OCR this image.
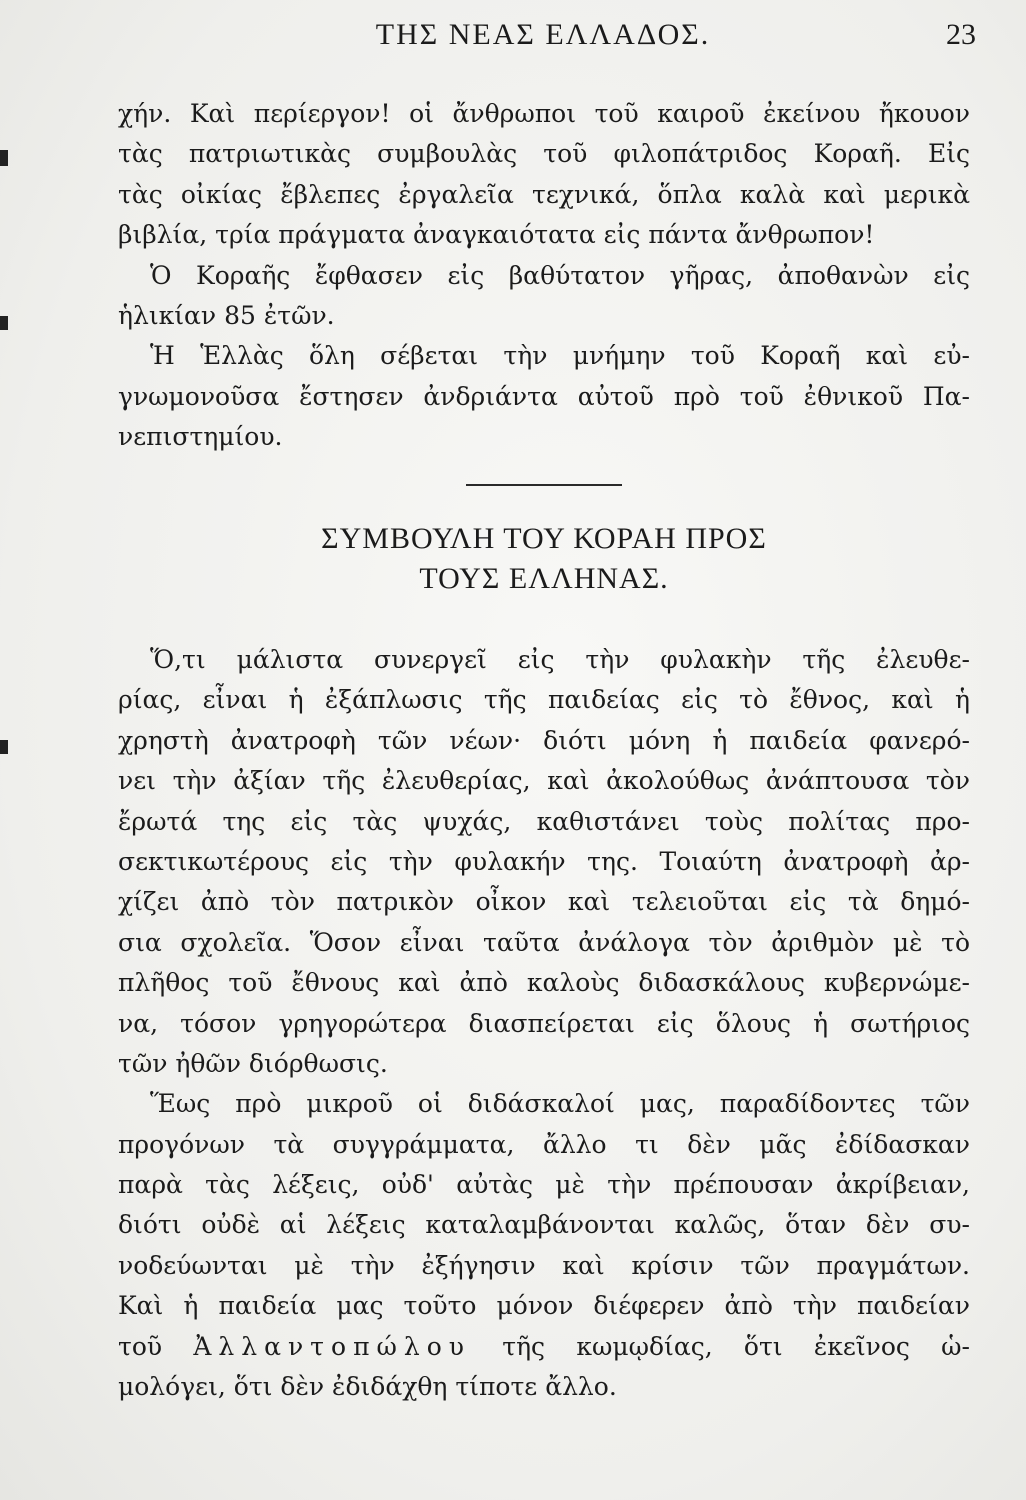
ΤΗΣ ΝΕΑΣ ΕΛΛΑΔΟΣ.	23
χήν. Καὶ περίεργον! οἱ ἄνθρωποι τοῦ καιροῦ ἐκείνου ἤκουον
τὰς πατριωτικὰς συμβουλὰς τοῦ φιλοπάτριδος Κοραῆ. Εἰς
τὰς οἰκίας ἔβλεπες ἐργαλεῖα τεχνικά, ὅπλα καλὰ καὶ μερικὰ
βιβλία, τρία πράγματα ἀναγκαιότατα εἰς πάντα ἄνθρωπον!
Ὁ Κοραῆς ἔφθασεν εἰς βαθύτατον γῆρας, ἀποθανὼν εἰς
ἡλικίαν 85 ἐτῶν.
Ἡ Ἑλλὰς ὅλη σέβεται τὴν μνήμην τοῦ Κοραῆ καὶ εὐ-
γνωμονοῦσα ἔστησεν ἀνδριάντα αὐτοῦ πρὸ τοῦ ἐθνικοῦ Πα-
νεπιστημίου.
ΣΥΜΒΟΥΛΗ ΤΟΥ ΚΟΡΑΗ ΠΡΟΣ
ΤΟΥΣ ΕΛΛΗΝΑΣ.
Ὅ,τι μάλιστα συνεργεῖ εἰς τὴν φυλακὴν τῆς ἐλευθε-
ρίας, εἶναι ἡ ἐξάπλωσις τῆς παιδείας εἰς τὸ ἔθνος, καὶ ἡ
χρηστὴ ἀνατροφὴ τῶν νέων· διότι μόνη ἡ παιδεία φανερό-
νει τὴν ἀξίαν τῆς ἐλευθερίας, καὶ ἀκολούθως ἀνάπτουσα τὸν
ἔρωτά της εἰς τὰς ψυχάς, καθιστάνει τοὺς πολίτας προ-
σεκτικωτέρους εἰς τὴν φυλακήν της. Τοιαύτη ἀνατροφὴ ἀρ-
χίζει ἀπὸ τὸν πατρικὸν οἶκον καὶ τελειοῦται εἰς τὰ δημό-
σια σχολεῖα. Ὅσον εἶναι ταῦτα ἀνάλογα τὸν ἀριθμὸν μὲ τὸ
πλῆθος τοῦ ἔθνους καὶ ἀπὸ καλοὺς διδασκάλους κυβερνώμε-
να, τόσον γρηγορώτερα διασπείρεται εἰς ὅλους ἡ σωτήριος
τῶν ἠθῶν διόρθωσις.
Ἕως πρὸ μικροῦ οἱ διδάσκαλοί μας, παραδίδοντες τῶν
προγόνων τὰ συγγράμματα, ἄλλο τι δὲν μᾶς ἐδίδασκαν
παρὰ τὰς λέξεις, οὐδ' αὐτὰς μὲ τὴν πρέπουσαν ἀκρίβειαν,
διότι οὐδὲ αἱ λέξεις καταλαμβάνονται καλῶς, ὅταν δὲν συ-
νοδεύωνται μὲ τὴν ἐξήγησιν καὶ κρίσιν τῶν πραγμάτων.
Καὶ ἡ παιδεία μας τοῦτο μόνον διέφερεν ἀπὸ τὴν παιδείαν
τοῦ Ἀλλαντοπώλου τῆς κωμῳδίας, ὅτι ἐκεῖνος ὡ-
μολόγει, ὅτι δὲν ἐδιδάχθη τίποτε ἄλλο.
